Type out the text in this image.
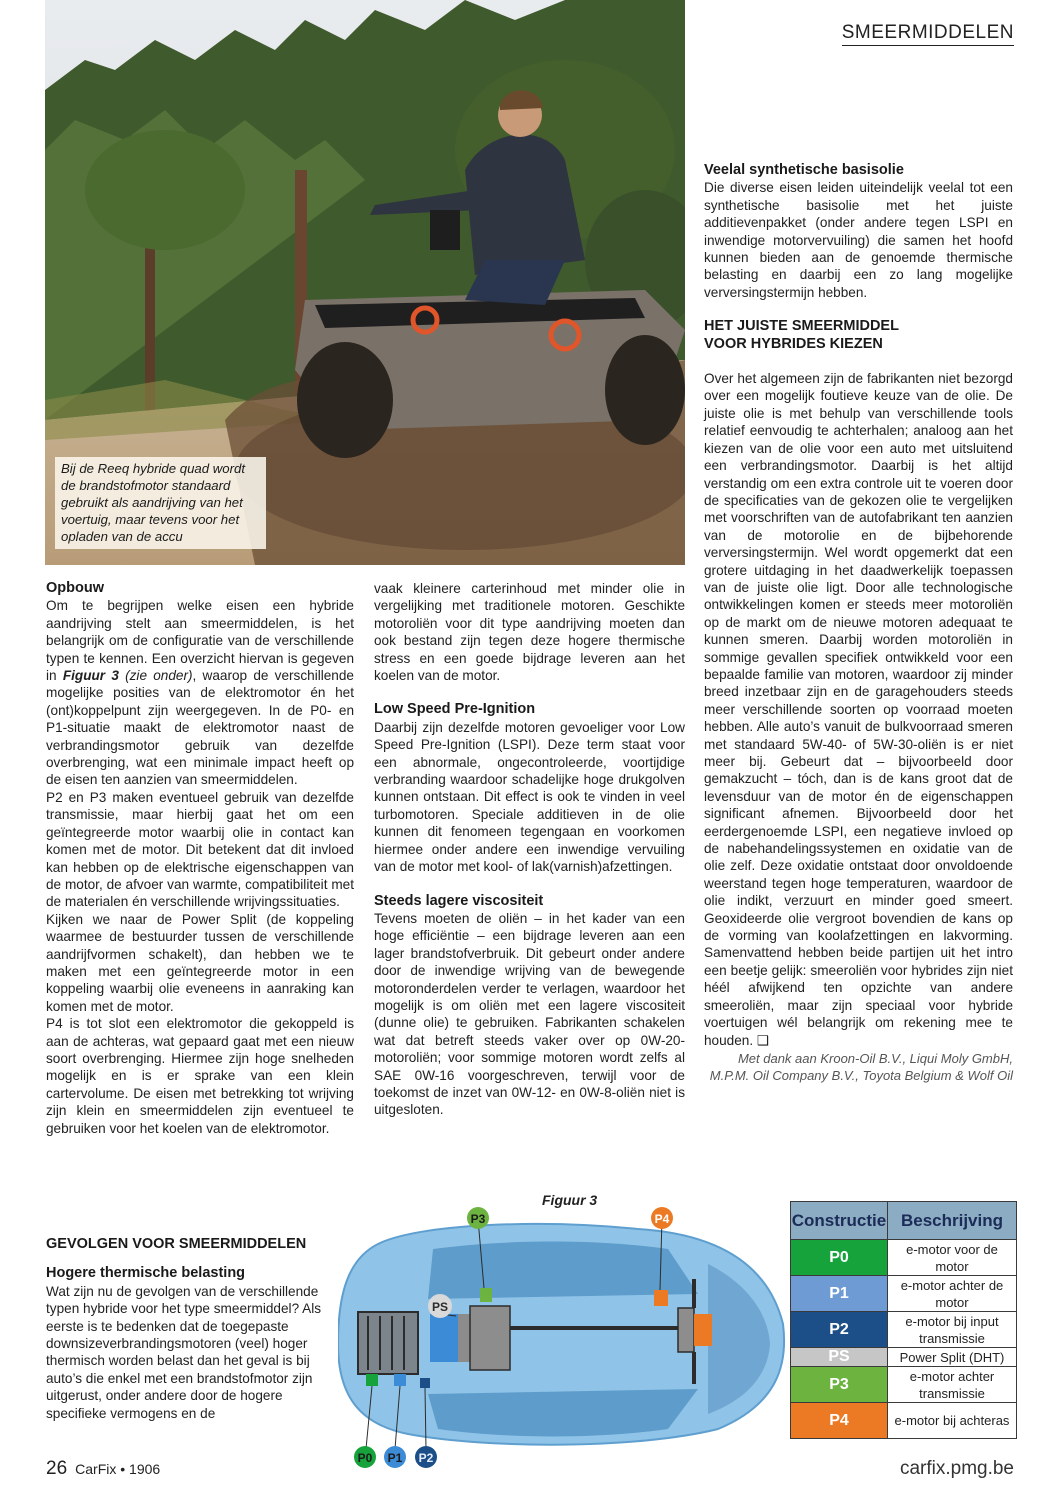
SMEERMIDDELEN
Bij de Reeq hybride quad wordt de brandstofmotor standaard gebruikt als aandrijving van het voertuig, maar tevens voor het opladen van de accu
Opbouw

Om te begrijpen welke eisen een hybride aandrijving stelt aan smeermiddelen, is het belangrijk om de configuratie van de verschillende typen te kennen. Een overzicht hiervan is gegeven in Figuur 3 (zie onder), waarop de verschillende mogelijke posities van de elektromotor én het (ont)koppelpunt zijn weergegeven. In de P0- en P1-situatie maakt de elektromotor naast de verbrandingsmotor gebruik van dezelfde overbrenging, wat een minimale impact heeft op de eisen ten aanzien van smeermiddelen.

P2 en P3 maken eventueel gebruik van dezelfde transmissie, maar hierbij gaat het om een geïntegreerde motor waarbij olie in contact kan komen met de motor. Dit betekent dat dit invloed kan hebben op de elektrische eigenschappen van de motor, de afvoer van warmte, compatibiliteit met de materialen én verschillende wrijvingssituaties.

Kijken we naar de Power Split (de koppeling waarmee de bestuurder tussen de verschillende aandrijfvormen schakelt), dan hebben we te maken met een geïntegreerde motor in een koppeling waarbij olie eveneens in aanraking kan komen met de motor.

P4 is tot slot een elektromotor die gekoppeld is aan de achteras, wat gepaard gaat met een nieuw soort overbrenging. Hiermee zijn hoge snelheden mogelijk en is er sprake van een klein cartervolume. De eisen met betrekking tot wrijving zijn klein en smeermiddelen zijn eventueel te gebruiken voor het koelen van de elektromotor.

vaak kleinere carterinhoud met minder olie in vergelijking met traditionele motoren. Geschikte motoroliën voor dit type aandrijving moeten dan ook bestand zijn tegen deze hogere thermische stress en een goede bijdrage leveren aan het koelen van de motor.

Low Speed Pre-Ignition

Daarbij zijn dezelfde motoren gevoeliger voor Low Speed Pre-Ignition (LSPI). Deze term staat voor een abnormale, ongecontroleerde, voortijdige verbranding waardoor schadelijke hoge drukgolven kunnen ontstaan. Dit effect is ook te vinden in veel turbomotoren. Speciale additieven in de olie kunnen dit fenomeen tegengaan en voorkomen hiermee onder andere een inwendige vervuiling van de motor met kool- of lak(varnish)afzettingen.

Steeds lagere viscositeit

Tevens moeten de oliën – in het kader van een hoge efficiëntie – een bijdrage leveren aan een lager brandstofverbruik. Dit gebeurt onder andere door de inwendige wrijving van de bewegende motoronderdelen verder te verlagen, waardoor het mogelijk is om oliën met een lagere viscositeit (dunne olie) te gebruiken. Fabrikanten schakelen wat dat betreft steeds vaker over op 0W-20-motoroliën; voor sommige motoren wordt zelfs al SAE 0W-16 voorgeschreven, terwijl voor de toekomst de inzet van 0W-12- en 0W-8-oliën niet is uitgesloten.

Veelal synthetische basisolie

Die diverse eisen leiden uiteindelijk veelal tot een synthetische basisolie met het juiste additievenpakket (onder andere tegen LSPI en inwendige motorvervuiling) die samen het hoofd kunnen bieden aan de genoemde thermische belasting en daarbij een zo lang mogelijke verversingstermijn hebben.

HET JUISTE SMEERMIDDEL
VOOR HYBRIDES KIEZEN

Over het algemeen zijn de fabrikanten niet bezorgd over een mogelijk foutieve keuze van de olie. De juiste olie is met behulp van verschillende tools relatief eenvoudig te achterhalen; analoog aan het kiezen van de olie voor een auto met uitsluitend een verbrandingsmotor. Daarbij is het altijd verstandig om een extra controle uit te voeren door de specificaties van de gekozen olie te vergelijken met voorschriften van de autofabrikant ten aanzien van de motorolie en de bijbehorende verversingstermijn. Wel wordt opgemerkt dat een grotere uitdaging in het daadwerkelijk toepassen van de juiste olie ligt. Door alle technologische ontwikkelingen komen er steeds meer motoroliën op de markt om de nieuwe motoren adequaat te kunnen smeren. Daarbij worden motoroliën in sommige gevallen specifiek ontwikkeld voor een bepaalde familie van motoren, waardoor zij minder breed inzetbaar zijn en de garagehouders steeds meer verschillende soorten op voorraad moeten hebben. Alle auto’s vanuit de bulkvoorraad smeren met standaard 5W-40- of 5W-30-oliën is er niet meer bij. Gebeurt dat – bijvoorbeeld door gemakzucht – tóch, dan is de kans groot dat de levensduur van de motor én de eigenschappen significant afnemen. Bijvoorbeeld door het eerdergenoemde LSPI, een negatieve invloed op de nabehandelingssystemen en oxidatie van de olie zelf. Deze oxidatie ontstaat door onvoldoende weerstand tegen hoge temperaturen, waardoor de olie indikt, verzuurt en minder goed smeert. Geoxideerde olie vergroot bovendien de kans op de vorming van koolafzettingen en lakvorming. Samenvattend hebben beide partijen uit het intro een beetje gelijk: smeeroliën voor hybrides zijn niet héél afwijkend ten opzichte van andere smeeroliën, maar zijn speciaal voor hybride voertuigen wél belangrijk om rekening mee te houden. ❑

Met dank aan Kroon-Oil B.V., Liqui Moly GmbH,
M.P.M. Oil Company B.V., Toyota Belgium & Wolf Oil
GEVOLGEN VOOR SMEERMIDDELEN
Hogere thermische belasting

Wat zijn nu de gevolgen van de verschillende typen hybride voor het type smeermiddel? Als eerste is te bedenken dat de toegepaste downsizeverbrandingsmotoren (veel) hoger thermisch worden belast dan het geval is bij auto’s die enkel met een brandstofmotor zijn uitgerust, onder andere door de hogere specifieke vermogens en de

Figuur 3
P3	P4
PS
P0 P1 P2
Constructie	Beschrijving
P0	e-motor voor de motor
P1	e-motor achter de motor
P2	e-motor bij input transmissie
PS	Power Split (DHT)
P3	e-motor achter transmissie
P4	e-motor bij achteras
26 CarFix • 1906	carfix.pmg.be
